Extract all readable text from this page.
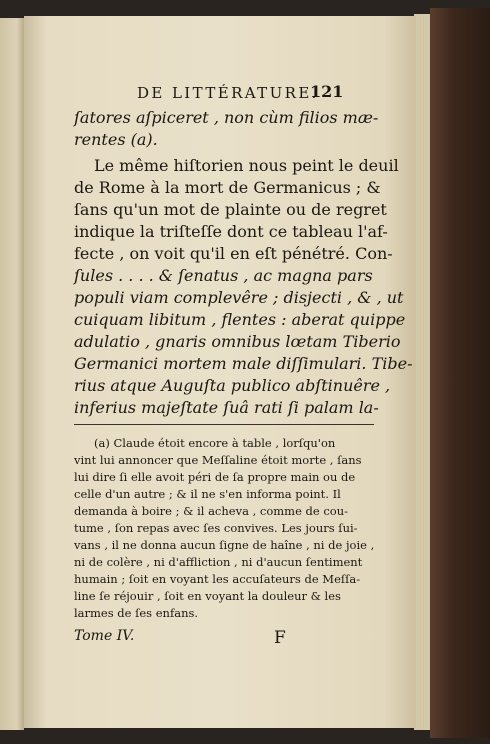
DE LITTÉRATURE.
121
ſatores aſpiceret , non cùm filios mæ-
rentes (a).
Le même hiſtorien nous peint le deuil
de Rome à la mort de Germanicus ; &
ſans qu'un mot de plainte ou de regret
indique la triſteſſe dont ce tableau l'af-
fecte , on voit qu'il en eſt pénétré. Con-
ſules . . . . & ſenatus , ac magna pars
populi viam complevêre ; disjecti , & , ut
cuiquam libitum , flentes : aberat quippe
adulatio , gnaris omnibus lœtam Tiberio
Germanici mortem male diſſimulari. Tibe-
rius atque Auguſta publico abſtinuêre ,
inferius majeſtate ſuâ rati ſi palam la-
(a) Claude étoit encore à table , lorſqu'on
vint lui annoncer que Meſſaline étoit morte , ſans
lui dire ſi elle avoit péri de ſa propre main ou de
celle d'un autre ; & il ne s'en informa point. Il
demanda à boire ; & il acheva , comme de cou-
tume , ſon repas avec ſes convives. Les jours ſui-
vans , il ne donna aucun ſigne de haîne , ni de joie ,
ni de colère , ni d'affliction , ni d'aucun ſentiment
humain ; ſoit en voyant les accuſateurs de Meſſa-
line ſe réjouir , ſoit en voyant la douleur & les
larmes de ſes enfans.
Tome IV.	F
